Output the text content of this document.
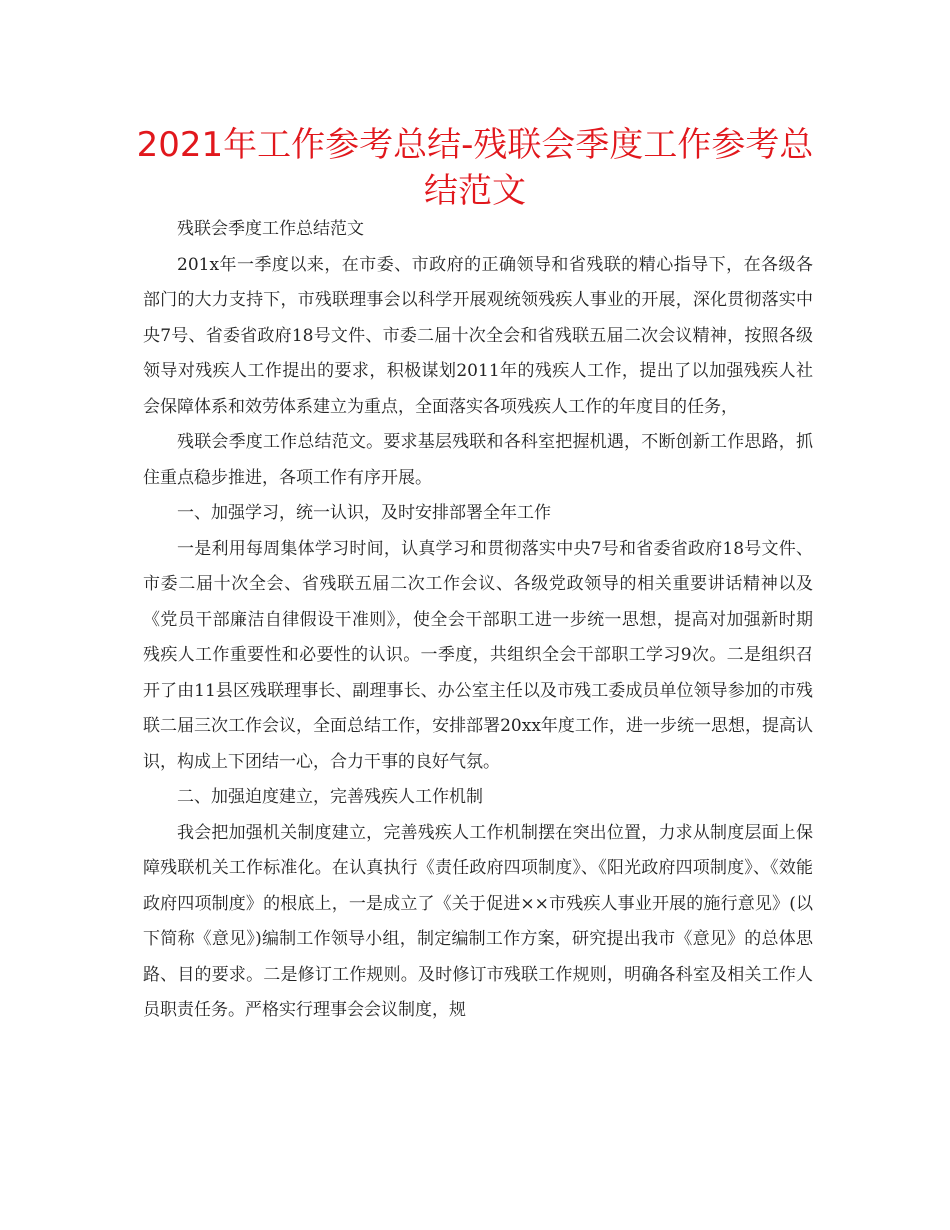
2021年工作参考总结-残联会季度工作参考总结范文

残联会季度工作总结范文

201x年一季度以来，在市委、市政府的正确领导和省残联的精心指导下，在各级各部门的大力支持下，市残联理事会以科学开展观统领残疾人事业的开展，深化贯彻落实中央7号、省委省政府18号文件、市委二届十次全会和省残联五届二次会议精神，按照各级领导对残疾人工作提出的要求，积极谋划2011年的残疾人工作，提出了以加强残疾人社会保障体系和效劳体系建立为重点，全面落实各项残疾人工作的年度目的任务，

残联会季度工作总结范文。要求基层残联和各科室把握机遇，不断创新工作思路，抓住重点稳步推进，各项工作有序开展。

一、加强学习，统一认识，及时安排部署全年工作

一是利用每周集体学习时间，认真学习和贯彻落实中央7号和省委省政府18号文件、市委二届十次全会、省残联五届二次工作会议、各级党政领导的相关重要讲话精神以及《党员干部廉洁自律假设干准则》，使全会干部职工进一步统一思想，提高对加强新时期残疾人工作重要性和必要性的认识。一季度，共组织全会干部职工学习9次。二是组织召开了由11县区残联理事长、副理事长、办公室主任以及市残工委成员单位领导参加的市残联二届三次工作会议，全面总结工作，安排部署20xx年度工作，进一步统一思想，提高认识，构成上下团结一心，合力干事的良好气氛。

二、加强迫度建立，完善残疾人工作机制

我会把加强机关制度建立，完善残疾人工作机制摆在突出位置，力求从制度层面上保障残联机关工作标准化。在认真执行《责任政府四项制度》、《阳光政府四项制度》、《效能政府四项制度》的根底上，一是成立了《关于促进××市残疾人事业开展的施行意见》(以下简称《意见》)编制工作领导小组，制定编制工作方案，研究提出我市《意见》的总体思路、目的要求。二是修订工作规则。及时修订市残联工作规则，明确各科室及相关工作人员职责任务。严格实行理事会会议制度，规
